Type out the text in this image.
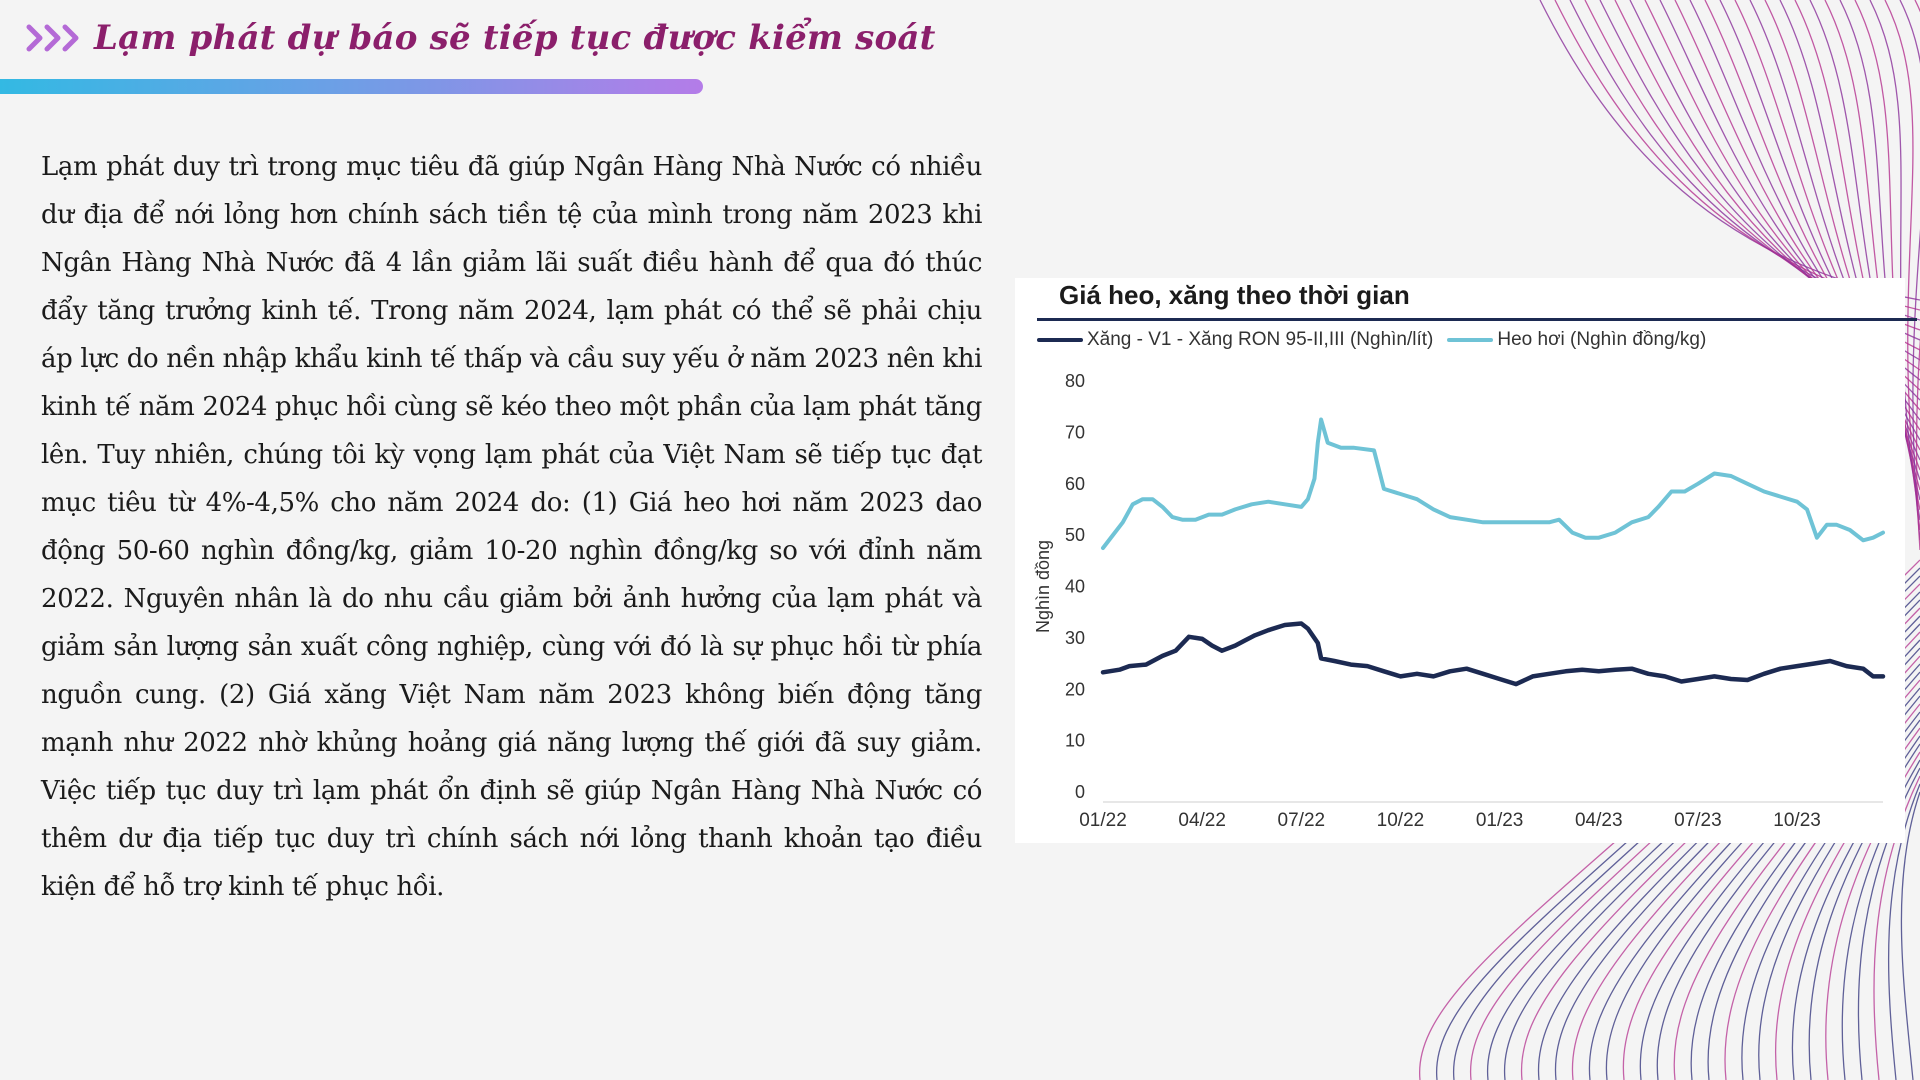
Lạm phát dự báo sẽ tiếp tục được kiểm soát

Lạm phát duy trì trong mục tiêu đã giúp Ngân Hàng Nhà Nước có nhiều dư địa để nới lỏng hơn chính sách tiền tệ của mình trong năm 2023 khi Ngân Hàng Nhà Nước đã 4 lần giảm lãi suất điều hành để qua đó thúc đẩy tăng trưởng kinh tế. Trong năm 2024, lạm phát có thể sẽ phải chịu áp lực do nền nhập khẩu kinh tế thấp và cầu suy yếu ở năm 2023 nên khi kinh tế năm 2024 phục hồi cùng sẽ kéo theo một phần của lạm phát tăng lên. Tuy nhiên, chúng tôi kỳ vọng lạm phát của Việt Nam sẽ tiếp tục đạt mục tiêu từ 4%-4,5% cho năm 2024 do: (1) Giá heo hơi năm 2023 dao động 50-60 nghìn đồng/kg, giảm 10-20 nghìn đồng/kg so với đỉnh năm 2022. Nguyên nhân là do nhu cầu giảm bởi ảnh hưởng của lạm phát và giảm sản lượng sản xuất công nghiệp, cùng với đó là sự phục hồi từ phía nguồn cung. (2) Giá xăng Việt Nam năm 2023 không biến động tăng mạnh như 2022 nhờ khủng hoảng giá năng lượng thế giới đã suy giảm. Việc tiếp tục duy trì lạm phát ổn định sẽ giúp Ngân Hàng Nhà Nước có thêm dư địa tiếp tục duy trì chính sách nới lỏng thanh khoản tạo điều kiện để hỗ trợ kinh tế phục hồi.

0
10
20
30
40
50
60
70
80
01/22	04/22	07/22	10/22	01/23	04/23	07/23	10/23
Nghìn đồng
Giá heo, xăng theo thời gian
Xăng - V1 - Xăng RON 95-II,III (Nghìn/lít)	Heo hơi (Nghìn đồng/kg)
